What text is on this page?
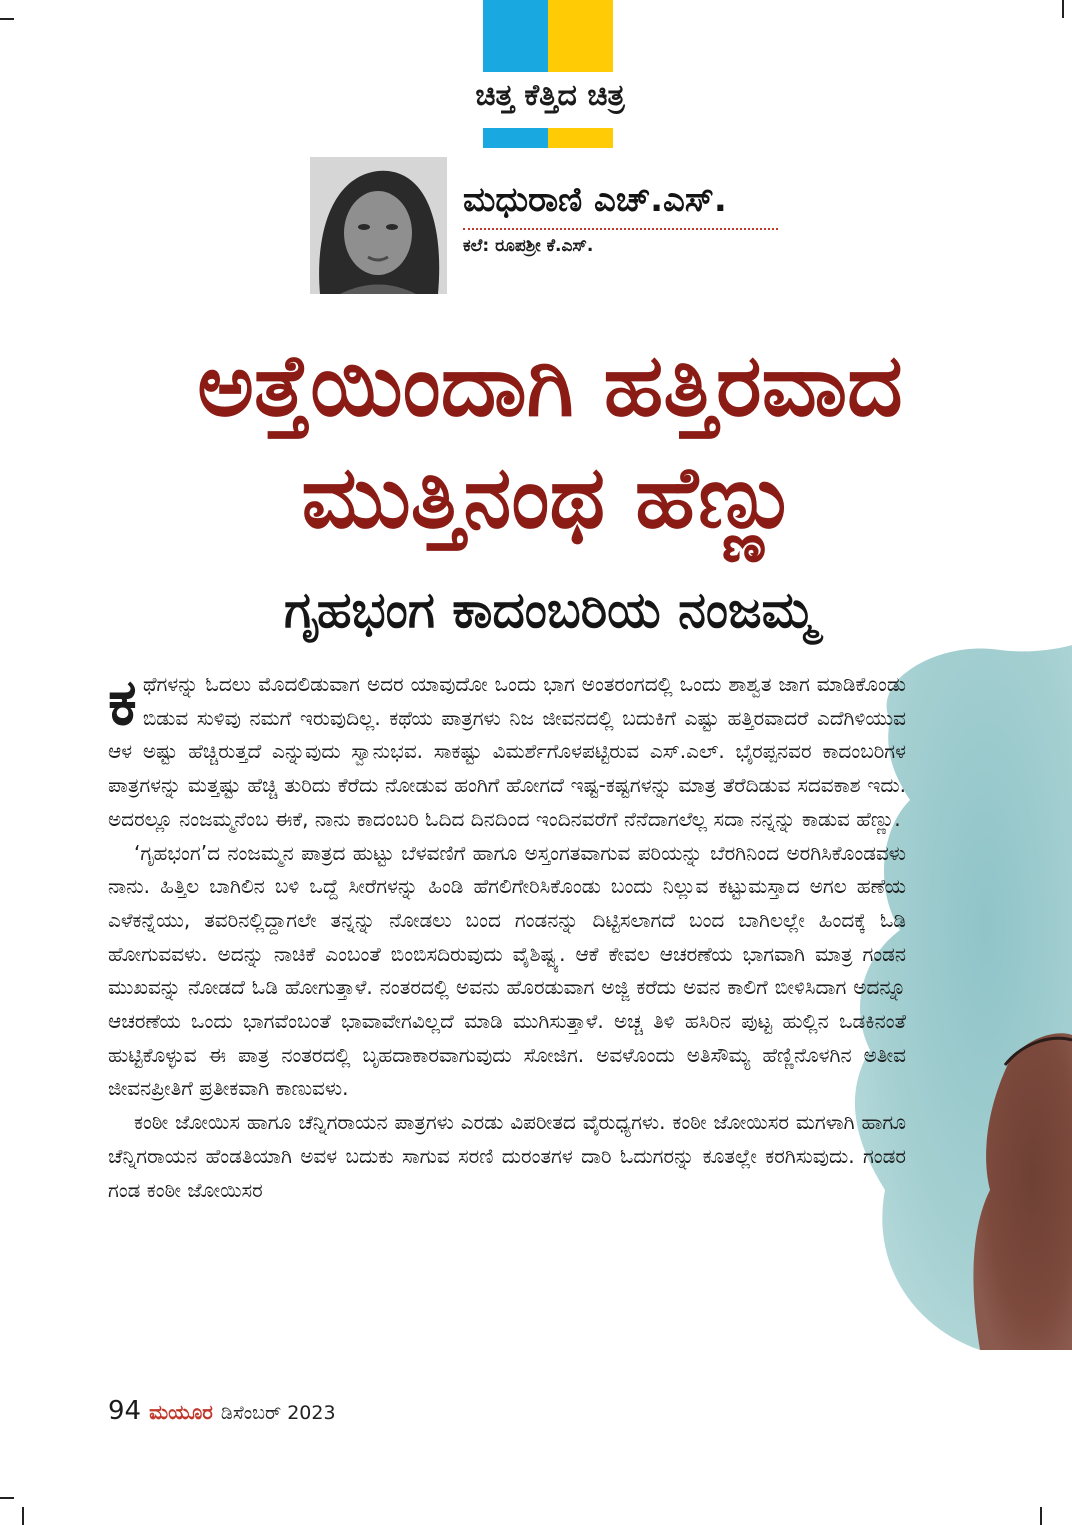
ಚಿತ್ತ ಕೆತ್ತಿದ ಚಿತ್ರ
ಮಧುರಾಣಿ ಎಚ್.ಎಸ್.
ಕಲೆ: ರೂಪಶ್ರೀ ಕೆ.ಎಸ್.
ಅತ್ತೆಯಿಂದಾಗಿ ಹತ್ತಿರವಾದ
ಮುತ್ತಿನಂಥ ಹೆಣ್ಣು
ಗೃಹಭಂಗ ಕಾದಂಬರಿಯ ನಂಜಮ್ಮ

ಕಥೆಗಳನ್ನು ಓದಲು ಮೊದಲಿಡುವಾಗ ಅದರ ಯಾವುದೋ ಒಂದು ಭಾಗ ಅಂತರಂಗದಲ್ಲಿ ಒಂದು ಶಾಶ್ವತ ಜಾಗ ಮಾಡಿಕೊಂಡು ಬಿಡುವ ಸುಳಿವು ನಮಗೆ ಇರುವುದಿಲ್ಲ. ಕಥೆಯ ಪಾತ್ರಗಳು ನಿಜ ಜೀವನದಲ್ಲಿ ಬದುಕಿಗೆ ಎಷ್ಟು ಹತ್ತಿರವಾದರೆ ಎದೆಗಿಳಿಯುವ ಆಳ ಅಷ್ಟು ಹೆಚ್ಚಿರುತ್ತದೆ ಎನ್ನುವುದು ಸ್ವಾನುಭವ. ಸಾಕಷ್ಟು ವಿಮರ್ಶೆಗೊಳಪಟ್ಟಿರುವ ಎಸ್.ಎಲ್. ಭೈರಪ್ಪನವರ ಕಾದಂಬರಿಗಳ ಪಾತ್ರಗಳನ್ನು ಮತ್ತಷ್ಟು ಹೆಚ್ಚಿ ತುರಿದು ಕೆರೆದು ನೋಡುವ ಹಂಗಿಗೆ ಹೋಗದೆ ಇಷ್ಟ-ಕಷ್ಟಗಳನ್ನು ಮಾತ್ರ ತೆರೆದಿಡುವ ಸದವಕಾಶ ಇದು. ಅದರಲ್ಲೂ ನಂಜಮ್ಮನೆಂಬ ಈಕೆ, ನಾನು ಕಾದಂಬರಿ ಓದಿದ ದಿನದಿಂದ ಇಂದಿನವರೆಗೆ ನೆನೆದಾಗಲೆಲ್ಲ ಸದಾ ನನ್ನನ್ನು ಕಾಡುವ ಹೆಣ್ಣು.

‘ಗೃಹಭಂಗ’ದ ನಂಜಮ್ಮನ ಪಾತ್ರದ ಹುಟ್ಟು ಬೆಳವಣಿಗೆ ಹಾಗೂ ಅಸ್ತಂಗತವಾಗುವ ಪರಿಯನ್ನು ಬೆರಗಿನಿಂದ ಅರಗಿಸಿಕೊಂಡವಳು ನಾನು. ಹಿತ್ತಿಲ ಬಾಗಿಲಿನ ಬಳಿ ಒದ್ದೆ ಸೀರೆಗಳನ್ನು ಹಿಂಡಿ ಹೆಗಲಿಗೇರಿಸಿಕೊಂಡು ಬಂದು ನಿಲ್ಲುವ ಕಟ್ಟುಮಸ್ತಾದ ಅಗಲ ಹಣೆಯ ಎಳೆಕನ್ನೆಯು, ತವರಿನಲ್ಲಿದ್ದಾಗಲೇ ತನ್ನನ್ನು ನೋಡಲು ಬಂದ ಗಂಡನನ್ನು ದಿಟ್ಟಿಸಲಾಗದೆ ಬಂದ ಬಾಗಿಲಲ್ಲೇ ಹಿಂದಕ್ಕೆ ಓಡಿ ಹೋಗುವವಳು. ಅದನ್ನು ನಾಚಿಕೆ ಎಂಬಂತೆ ಬಿಂಬಿಸದಿರುವುದು ವೈಶಿಷ್ಟ್ಯ. ಆಕೆ ಕೇವಲ ಆಚರಣೆಯ ಭಾಗವಾಗಿ ಮಾತ್ರ ಗಂಡನ ಮುಖವನ್ನು ನೋಡದೆ ಓಡಿ ಹೋಗುತ್ತಾಳೆ. ನಂತರದಲ್ಲಿ ಅವನು ಹೊರಡುವಾಗ ಅಜ್ಜಿ ಕರೆದು ಅವನ ಕಾಲಿಗೆ ಬೀಳಿಸಿದಾಗ ಅದನ್ನೂ ಆಚರಣೆಯ ಒಂದು ಭಾಗವೆಂಬಂತೆ ಭಾವಾವೇಗವಿಲ್ಲದೆ ಮಾಡಿ ಮುಗಿಸುತ್ತಾಳೆ. ಅಚ್ಚ ತಿಳಿ ಹಸಿರಿನ ಪುಟ್ಟ ಹುಲ್ಲಿನ ಒಡಕಿನಂತೆ ಹುಟ್ಟಿಕೊಳ್ಳುವ ಈ ಪಾತ್ರ ನಂತರದಲ್ಲಿ ಬೃಹದಾಕಾರವಾಗುವುದು ಸೋಜಿಗ. ಅವಳೊಂದು ಅತಿಸೌಮ್ಯ ಹೆಣ್ಣಿನೊಳಗಿನ ಅತೀವ ಜೀವನಪ್ರೀತಿಗೆ ಪ್ರತೀಕವಾಗಿ ಕಾಣುವಳು.

ಕಂಠೀ ಜೋಯಿಸ ಹಾಗೂ ಚೆನ್ನಿಗರಾಯನ ಪಾತ್ರಗಳು ಎರಡು ವಿಪರೀತದ ವೈರುಧ್ಯಗಳು. ಕಂಠೀ ಜೋಯಿಸರ ಮಗಳಾಗಿ ಹಾಗೂ ಚೆನ್ನಿಗರಾಯನ ಹೆಂಡತಿಯಾಗಿ ಅವಳ ಬದುಕು ಸಾಗುವ ಸರಣಿ ದುರಂತಗಳ ದಾರಿ ಓದುಗರನ್ನು ಕೂತಲ್ಲೇ ಕರಗಿಸುವುದು. ಗಂಡರ ಗಂಡ ಕಂಠೀ ಜೋಯಿಸರ

94 ಮಯೂರ ಡಿಸೆಂಬರ್ 2023
